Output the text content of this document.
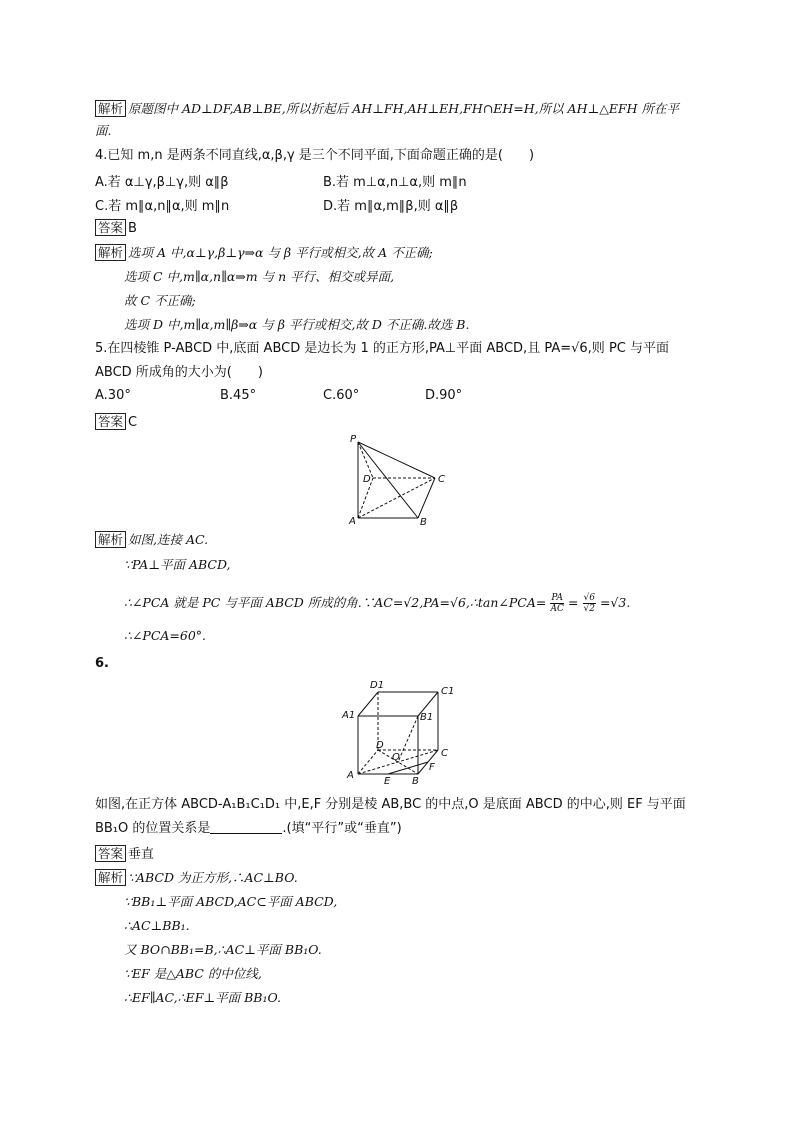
解析 原题图中 AD⊥DF,AB⊥BE,所以折起后 AH⊥FH,AH⊥EH,FH∩EH=H,所以 AH⊥△EFH 所在平
面.
4.已知 m,n 是两条不同直线,α,β,γ 是三个不同平面,下面命题正确的是(　　)
A.若 α⊥γ,β⊥γ,则 α∥β	B.若 m⊥α,n⊥α,则 m∥n
C.若 m∥α,n∥α,则 m∥n	D.若 m∥α,m∥β,则 α∥β
答案 B
解析 选项 A 中,α⊥γ,β⊥γ⇒α 与 β 平行或相交,故 A 不正确;
选项 C 中,m∥α,n∥α⇒m 与 n 平行、相交或异面,
故 C 不正确;
选项 D 中,m∥α,m∥β⇒α 与 β 平行或相交,故 D 不正确.故选 B.
5.在四棱锥 P-ABCD 中,底面 ABCD 是边长为 1 的正方形,PA⊥平面 ABCD,且 PA=√6,则 PC 与平面
ABCD 所成角的大小为(　　)
A.30°	B.45°	C.60°	D.90°
答案 C
P
D	C
A	B
解析 如图,连接 AC.
∵PA⊥平面 ABCD,
∴∠PCA 就是 PC 与平面 ABCD 所成的角.∵AC=√2,PA=√6,∴tan∠PCA= $\frac{PA}{AC} = \frac{√6}{√2} =√3$.
∴∠PCA=60°.
6.
D1
C1
A1	B1
D
C
O
F
A
E B
如图,在正方体 ABCD-A₁B₁C₁D₁ 中,E,F 分别是棱 AB,BC 的中点,O 是底面 ABCD 的中心,则 EF 与平面
BB₁O 的位置关系是	.(填“平行”或“垂直”)
答案 垂直
解析 ∵ABCD 为正方形,∴AC⊥BO.
∵BB₁⊥平面 ABCD,AC⊂平面 ABCD,
∴AC⊥BB₁.
又 BO∩BB₁=B,∴AC⊥平面 BB₁O.
∵EF 是△ABC 的中位线,
∴EF∥AC,∴EF⊥平面 BB₁O.
